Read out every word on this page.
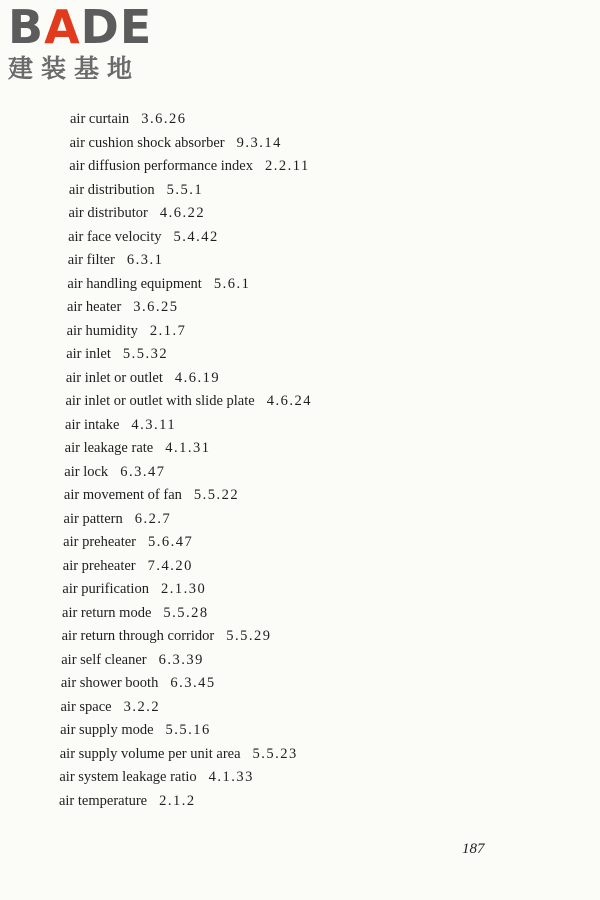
BADE
建装基地
air curtain 3.6.26
air cushion shock absorber 9.3.14
air diffusion performance index 2.2.11
air distribution 5.5.1
air distributor 4.6.22
air face velocity 5.4.42
air filter 6.3.1
air handling equipment 5.6.1
air heater 3.6.25
air humidity 2.1.7
air inlet 5.5.32
air inlet or outlet 4.6.19
air inlet or outlet with slide plate 4.6.24
air intake 4.3.11
air leakage rate 4.1.31
air lock 6.3.47
air movement of fan 5.5.22
air pattern 6.2.7
air preheater 5.6.47
air preheater 7.4.20
air purification 2.1.30
air return mode 5.5.28
air return through corridor 5.5.29
air self cleaner 6.3.39
air shower booth 6.3.45
air space 3.2.2
air supply mode 5.5.16
air supply volume per unit area 5.5.23
air system leakage ratio 4.1.33
air temperature 2.1.2
187
